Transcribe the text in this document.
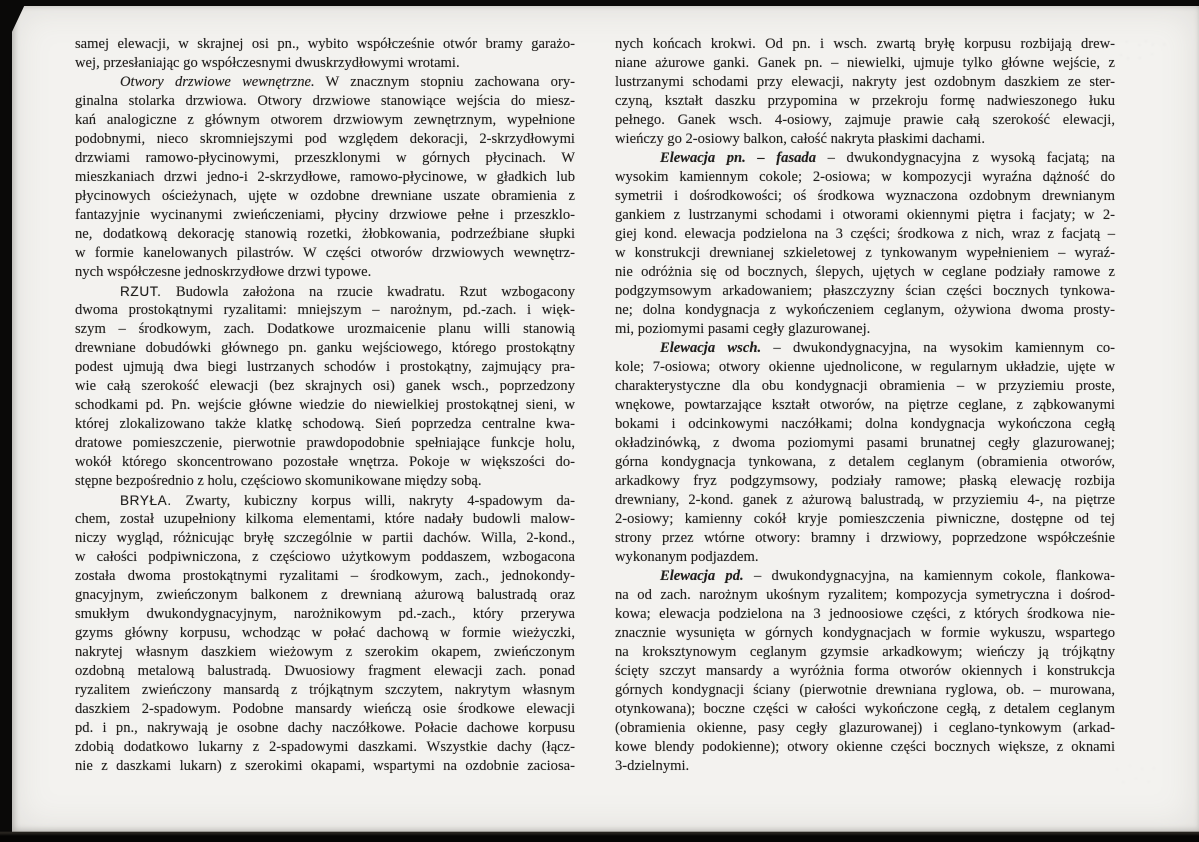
samej elewacji, w skrajnej osi pn., wybito współcześnie otwór bramy garażo-
wej, przesłaniając go współczesnymi dwuskrzydłowymi wrotami.
Otwory drzwiowe wewnętrzne. W znacznym stopniu zachowana ory-
ginalna stolarka drzwiowa. Otwory drzwiowe stanowiące wejścia do miesz-
kań analogiczne z głównym otworem drzwiowym zewnętrznym, wypełnione
podobnymi, nieco skromniejszymi pod względem dekoracji, 2-skrzydłowymi
drzwiami ramowo-płycinowymi, przeszklonymi w górnych płycinach. W
mieszkaniach drzwi jedno-i 2-skrzydłowe, ramowo-płycinowe, w gładkich lub
płycinowych ościeżynach, ujęte w ozdobne drewniane uszate obramienia z
fantazyjnie wycinanymi zwieńczeniami, płyciny drzwiowe pełne i przeszklo-
ne, dodatkową dekorację stanowią rozetki, żłobkowania, podrzeźbiane słupki
w formie kanelowanych pilastrów. W części otworów drzwiowych wewnętrz-
nych współczesne jednoskrzydłowe drzwi typowe.
RZUT. Budowla założona na rzucie kwadratu. Rzut wzbogacony
dwoma prostokątnymi ryzalitami: mniejszym – narożnym, pd.-zach. i więk-
szym – środkowym, zach. Dodatkowe urozmaicenie planu willi stanowią
drewniane dobudówki głównego pn. ganku wejściowego, którego prostokątny
podest ujmują dwa biegi lustrzanych schodów i prostokątny, zajmujący pra-
wie całą szerokość elewacji (bez skrajnych osi) ganek wsch., poprzedzony
schodkami pd. Pn. wejście główne wiedzie do niewielkiej prostokątnej sieni, w
której zlokalizowano także klatkę schodową. Sień poprzedza centralne kwa-
dratowe pomieszczenie, pierwotnie prawdopodobnie spełniające funkcje holu,
wokół którego skoncentrowano pozostałe wnętrza. Pokoje w większości do-
stępne bezpośrednio z holu, częściowo skomunikowane między sobą.
BRYŁA. Zwarty, kubiczny korpus willi, nakryty 4-spadowym da-
chem, został uzupełniony kilkoma elementami, które nadały budowli malow-
niczy wygląd, różnicując bryłę szczególnie w partii dachów. Willa, 2-kond.,
w całości podpiwniczona, z częściowo użytkowym poddaszem, wzbogacona
została dwoma prostokątnymi ryzalitami – środkowym, zach., jednokondy-
gnacyjnym, zwieńczonym balkonem z drewnianą ażurową balustradą oraz
smukłym dwukondygnacyjnym, narożnikowym pd.-zach., który przerywa
gzyms główny korpusu, wchodząc w połać dachową w formie wieżyczki,
nakrytej własnym daszkiem wieżowym z szerokim okapem, zwieńczonym
ozdobną metalową balustradą. Dwuosiowy fragment elewacji zach. ponad
ryzalitem zwieńczony mansardą z trójkątnym szczytem, nakrytym własnym
daszkiem 2-spadowym. Podobne mansardy wieńczą osie środkowe elewacji
pd. i pn., nakrywają je osobne dachy naczółkowe. Połacie dachowe korpusu
zdobią dodatkowo lukarny z 2-spadowymi daszkami. Wszystkie dachy (łącz-
nie z daszkami lukarn) z szerokimi okapami, wspartymi na ozdobnie zaciosa-
nych końcach krokwi. Od pn. i wsch. zwartą bryłę korpusu rozbijają drew-
niane ażurowe ganki. Ganek pn. – niewielki, ujmuje tylko główne wejście, z
lustrzanymi schodami przy elewacji, nakryty jest ozdobnym daszkiem ze ster-
czyną, kształt daszku przypomina w przekroju formę nadwieszonego łuku
pełnego. Ganek wsch. 4-osiowy, zajmuje prawie całą szerokość elewacji,
wieńczy go 2-osiowy balkon, całość nakryta płaskimi dachami.
Elewacja pn. – fasada – dwukondygnacyjna z wysoką facjatą; na
wysokim kamiennym cokole; 2-osiowa; w kompozycji wyraźna dążność do
symetrii i dośrodkowości; oś środkowa wyznaczona ozdobnym drewnianym
gankiem z lustrzanymi schodami i otworami okiennymi piętra i facjaty; w 2-
giej kond. elewacja podzielona na 3 części; środkowa z nich, wraz z facjatą –
w konstrukcji drewnianej szkieletowej z tynkowanym wypełnieniem – wyraź-
nie odróżnia się od bocznych, ślepych, ujętych w ceglane podziały ramowe z
podgzymsowym arkadowaniem; płaszczyzny ścian części bocznych tynkowa-
ne; dolna kondygnacja z wykończeniem ceglanym, ożywiona dwoma prosty-
mi, poziomymi pasami cegły glazurowanej.
Elewacja wsch. – dwukondygnacyjna, na wysokim kamiennym co-
kole; 7-osiowa; otwory okienne ujednolicone, w regularnym układzie, ujęte w
charakterystyczne dla obu kondygnacji obramienia – w przyziemiu proste,
wnękowe, powtarzające kształt otworów, na piętrze ceglane, z ząbkowanymi
bokami i odcinkowymi naczółkami; dolna kondygnacja wykończona cegłą
okładzinówką, z dwoma poziomymi pasami brunatnej cegły glazurowanej;
górna kondygnacja tynkowana, z detalem ceglanym (obramienia otworów,
arkadkowy fryz podgzymsowy, podziały ramowe; płaską elewację rozbija
drewniany, 2-kond. ganek z ażurową balustradą, w przyziemiu 4-, na piętrze
2-osiowy; kamienny cokół kryje pomieszczenia piwniczne, dostępne od tej
strony przez wtórne otwory: bramny i drzwiowy, poprzedzone współcześnie
wykonanym podjazdem.
Elewacja pd. – dwukondygnacyjna, na kamiennym cokole, flankowa-
na od zach. narożnym ukośnym ryzalitem; kompozycja symetryczna i dośrod-
kowa; elewacja podzielona na 3 jednoosiowe części, z których środkowa nie-
znacznie wysunięta w górnych kondygnacjach w formie wykuszu, wspartego
na kroksztynowym ceglanym gzymsie arkadkowym; wieńczy ją trójkątny
ścięty szczyt mansardy a wyróżnia forma otworów okiennych i konstrukcja
górnych kondygnacji ściany (pierwotnie drewniana ryglowa, ob. – murowana,
otynkowana); boczne części w całości wykończone cegłą, z detalem ceglanym
(obramienia okienne, pasy cegły glazurowanej) i ceglano-tynkowym (arkad-
kowe blendy podokienne); otwory okienne części bocznych większe, z oknami
3-dzielnymi.
· ˙ ·˙· ·
˙· · ˙
· ˙ · ·
· ˙ ·
